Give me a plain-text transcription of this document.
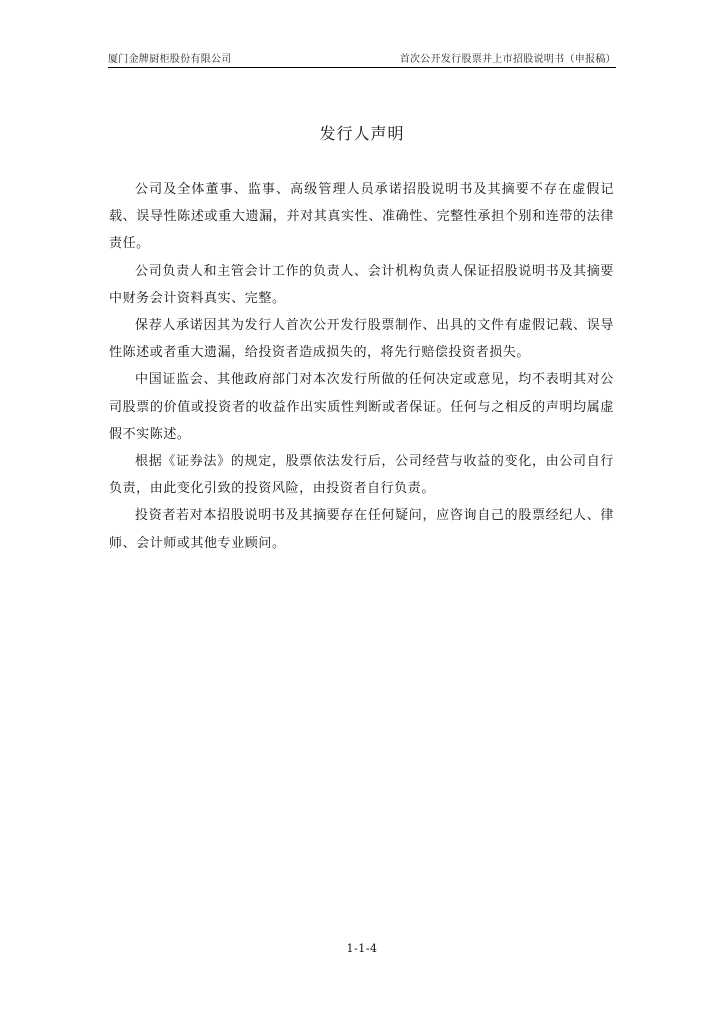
厦门金牌厨柜股份有限公司	首次公开发行股票并上市招股说明书（申报稿）
发行人声明

公司及全体董事、监事、高级管理人员承诺招股说明书及其摘要不存在虚假记载、误导性陈述或重大遗漏，并对其真实性、准确性、完整性承担个别和连带的法律责任。

公司负责人和主管会计工作的负责人、会计机构负责人保证招股说明书及其摘要中财务会计资料真实、完整。

保荐人承诺因其为发行人首次公开发行股票制作、出具的文件有虚假记载、误导性陈述或者重大遗漏，给投资者造成损失的，将先行赔偿投资者损失。

中国证监会、其他政府部门对本次发行所做的任何决定或意见，均不表明其对公司股票的价值或投资者的收益作出实质性判断或者保证。任何与之相反的声明均属虚假不实陈述。

根据《证券法》的规定，股票依法发行后，公司经营与收益的变化，由公司自行负责，由此变化引致的投资风险，由投资者自行负责。

投资者若对本招股说明书及其摘要存在任何疑问，应咨询自己的股票经纪人、律师、会计师或其他专业顾问。

1-1-4
